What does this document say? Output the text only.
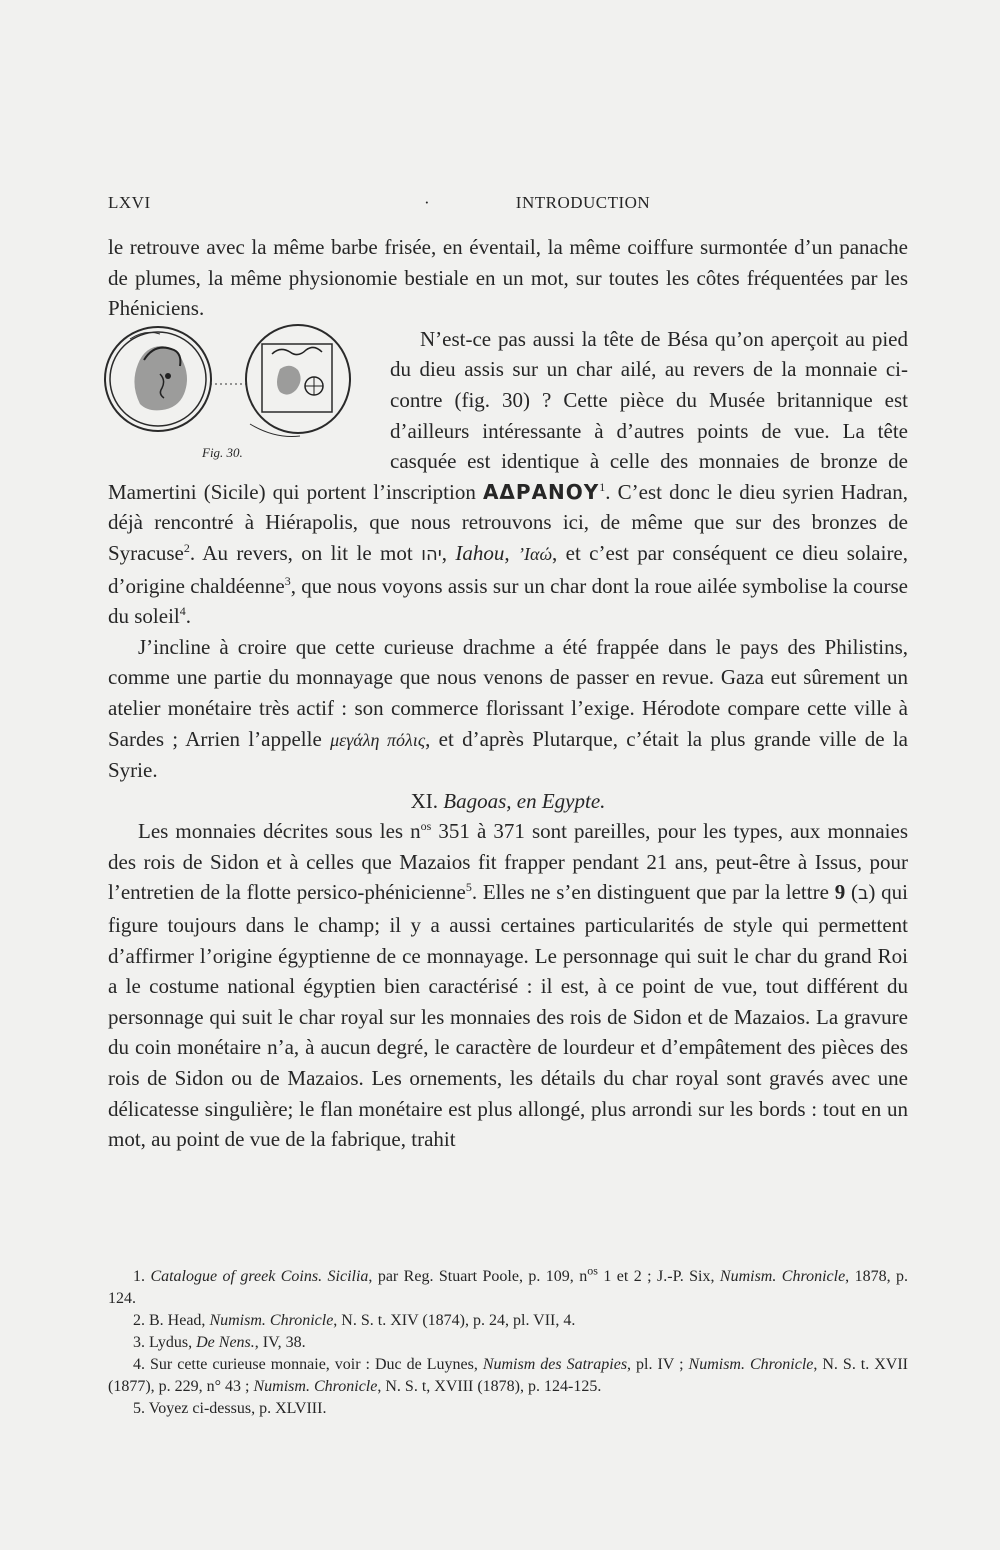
LXVI	·	INTRODUCTION

le retrouve avec la même barbe frisée, en éventail, la même coiffure surmontée d’un panache de plumes, la même physionomie bestiale en un mot, sur toutes les côtes fréquentées par les Phéniciens.

Fig. 30.

N’est-ce pas aussi la tête de Bésa qu’on aperçoit au pied du dieu assis sur un char ailé, au revers de la monnaie ci-contre (fig. 30) ? Cette pièce du Musée britannique est d’ailleurs intéressante à d’autres points de vue. La tête casquée est identique à celle des monnaies de bronze de Mamertini (Sicile) qui portent l’inscription ΑΔΡΑΝΟΥ$^1$. C’est donc le dieu syrien Hadran, déjà rencontré à Hiérapolis, que nous retrouvons ici, de même que sur des bronzes de Syracuse$^2$. Au revers, on lit le mot יהו, Iahou, ’Ιαώ, et c’est par conséquent ce dieu solaire, d’origine chaldéenne$^3$, que nous voyons assis sur un char dont la roue ailée symbolise la course du soleil$^4$.

J’incline à croire que cette curieuse drachme a été frappée dans le pays des Philistins, comme une partie du monnayage que nous venons de passer en revue. Gaza eut sûrement un atelier monétaire très actif : son commerce florissant l’exige. Hérodote compare cette ville à Sardes ; Arrien l’appelle μεγάλη πόλις, et d’après Plutarque, c’était la plus grande ville de la Syrie.

XI. Bagoas, en Egypte.

Les monnaies décrites sous les $n^{os}$ 351 à 371 sont pareilles, pour les types, aux monnaies des rois de Sidon et à celles que Mazaios fit frapper pendant 21 ans, peut-être à Issus, pour l’entretien de la flotte persico-phénicienne$^5$. Elles ne s’en distinguent que par la lettre 9 (ב) qui figure toujours dans le champ; il y a aussi certaines particularités de style qui permettent d’affirmer l’origine égyptienne de ce monnayage. Le personnage qui suit le char du grand Roi a le costume national égyptien bien caractérisé : il est, à ce point de vue, tout différent du personnage qui suit le char royal sur les monnaies des rois de Sidon et de Mazaios. La gravure du coin monétaire n’a, à aucun degré, le caractère de lourdeur et d’empâtement des pièces des rois de Sidon ou de Mazaios. Les ornements, les détails du char royal sont gravés avec une délicatesse singulière; le flan monétaire est plus allongé, plus arrondi sur les bords : tout en un mot, au point de vue de la fabrique, trahit

1. Catalogue of greek Coins. Sicilia, par Reg. Stuart Poole, p. 109, $n^{os}$ 1 et 2 ; J.-P. Six, Numism. Chronicle, 1878, p. 124.

2. B. Head, Numism. Chronicle, N. S. t. XIV (1874), p. 24, pl. VII, 4.

3. Lydus, De Nens., IV, 38.

4. Sur cette curieuse monnaie, voir : Duc de Luynes, Numism des Satrapies, pl. IV ; Numism. Chronicle, N. S. t. XVII (1877), p. 229, n° 43 ; Numism. Chronicle, N. S. t, XVIII (1878), p. 124-125.

5. Voyez ci-dessus, p. XLVIII.
